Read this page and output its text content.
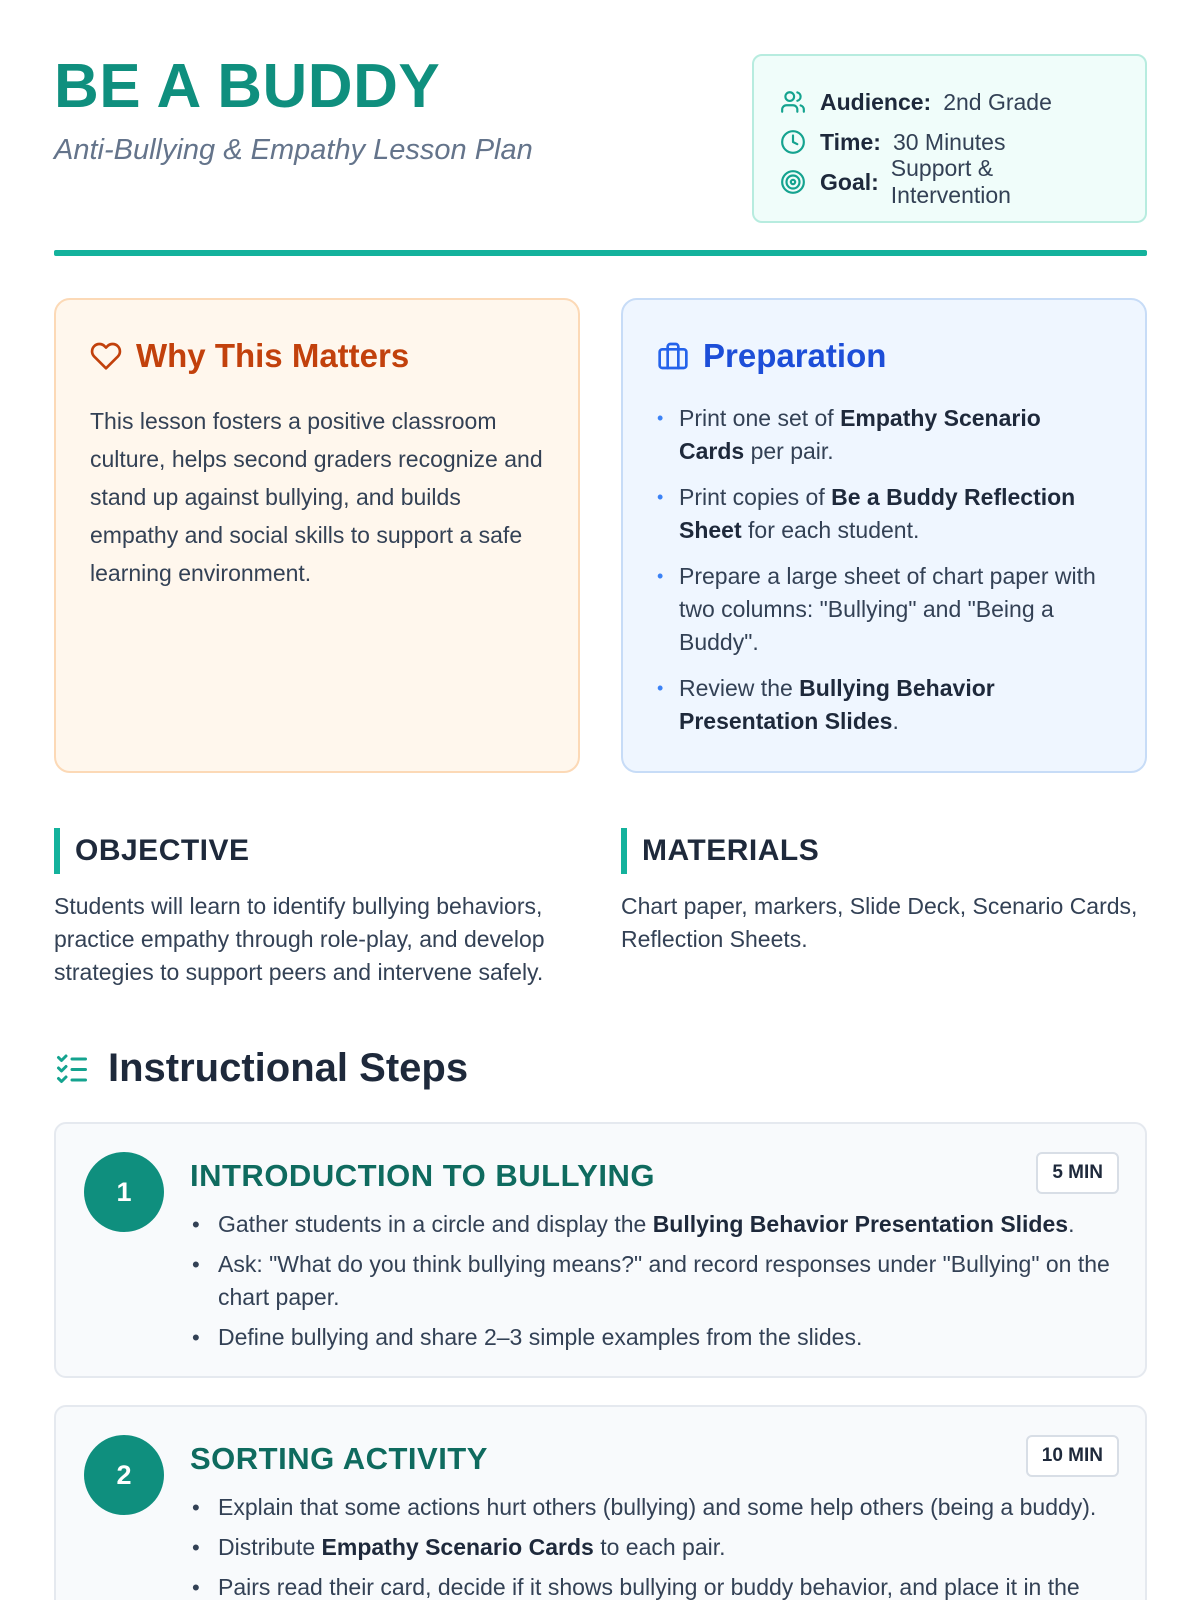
BE A BUDDY
Anti-Bullying & Empathy Lesson Plan
Audience: 2nd Grade
Time: 30 Minutes
Goal:
Support & Intervention
Why This Matters

This lesson fosters a positive classroom culture, helps second graders recognize and stand up against bullying, and builds empathy and social skills to support a safe learning environment.

Preparation
• Print one set of Empathy Scenario Cards per pair.
• Print copies of Be a Buddy Reflection Sheet for each student.
• Prepare a large sheet of chart paper with two columns: "Bullying" and "Being a Buddy".
• Review the Bullying Behavior Presentation Slides.
OBJECTIVE

Students will learn to identify bullying behaviors, practice empathy through role-play, and develop strategies to support peers and intervene safely.

MATERIALS

Chart paper, markers, Slide Deck, Scenario Cards, Reflection Sheets.

Instructional Steps
1	INTRODUCTION TO BULLYING	5 MIN
• Gather students in a circle and display the Bullying Behavior Presentation Slides.
• Ask: "What do you think bullying means?" and record responses under "Bullying" on the chart paper.
• Define bullying and share 2–3 simple examples from the slides.
2	SORTING ACTIVITY	10 MIN
• Explain that some actions hurt others (bullying) and some help others (being a buddy).
• Distribute Empathy Scenario Cards to each pair.
• Pairs read their card, decide if it shows bullying or buddy behavior, and place it in the
